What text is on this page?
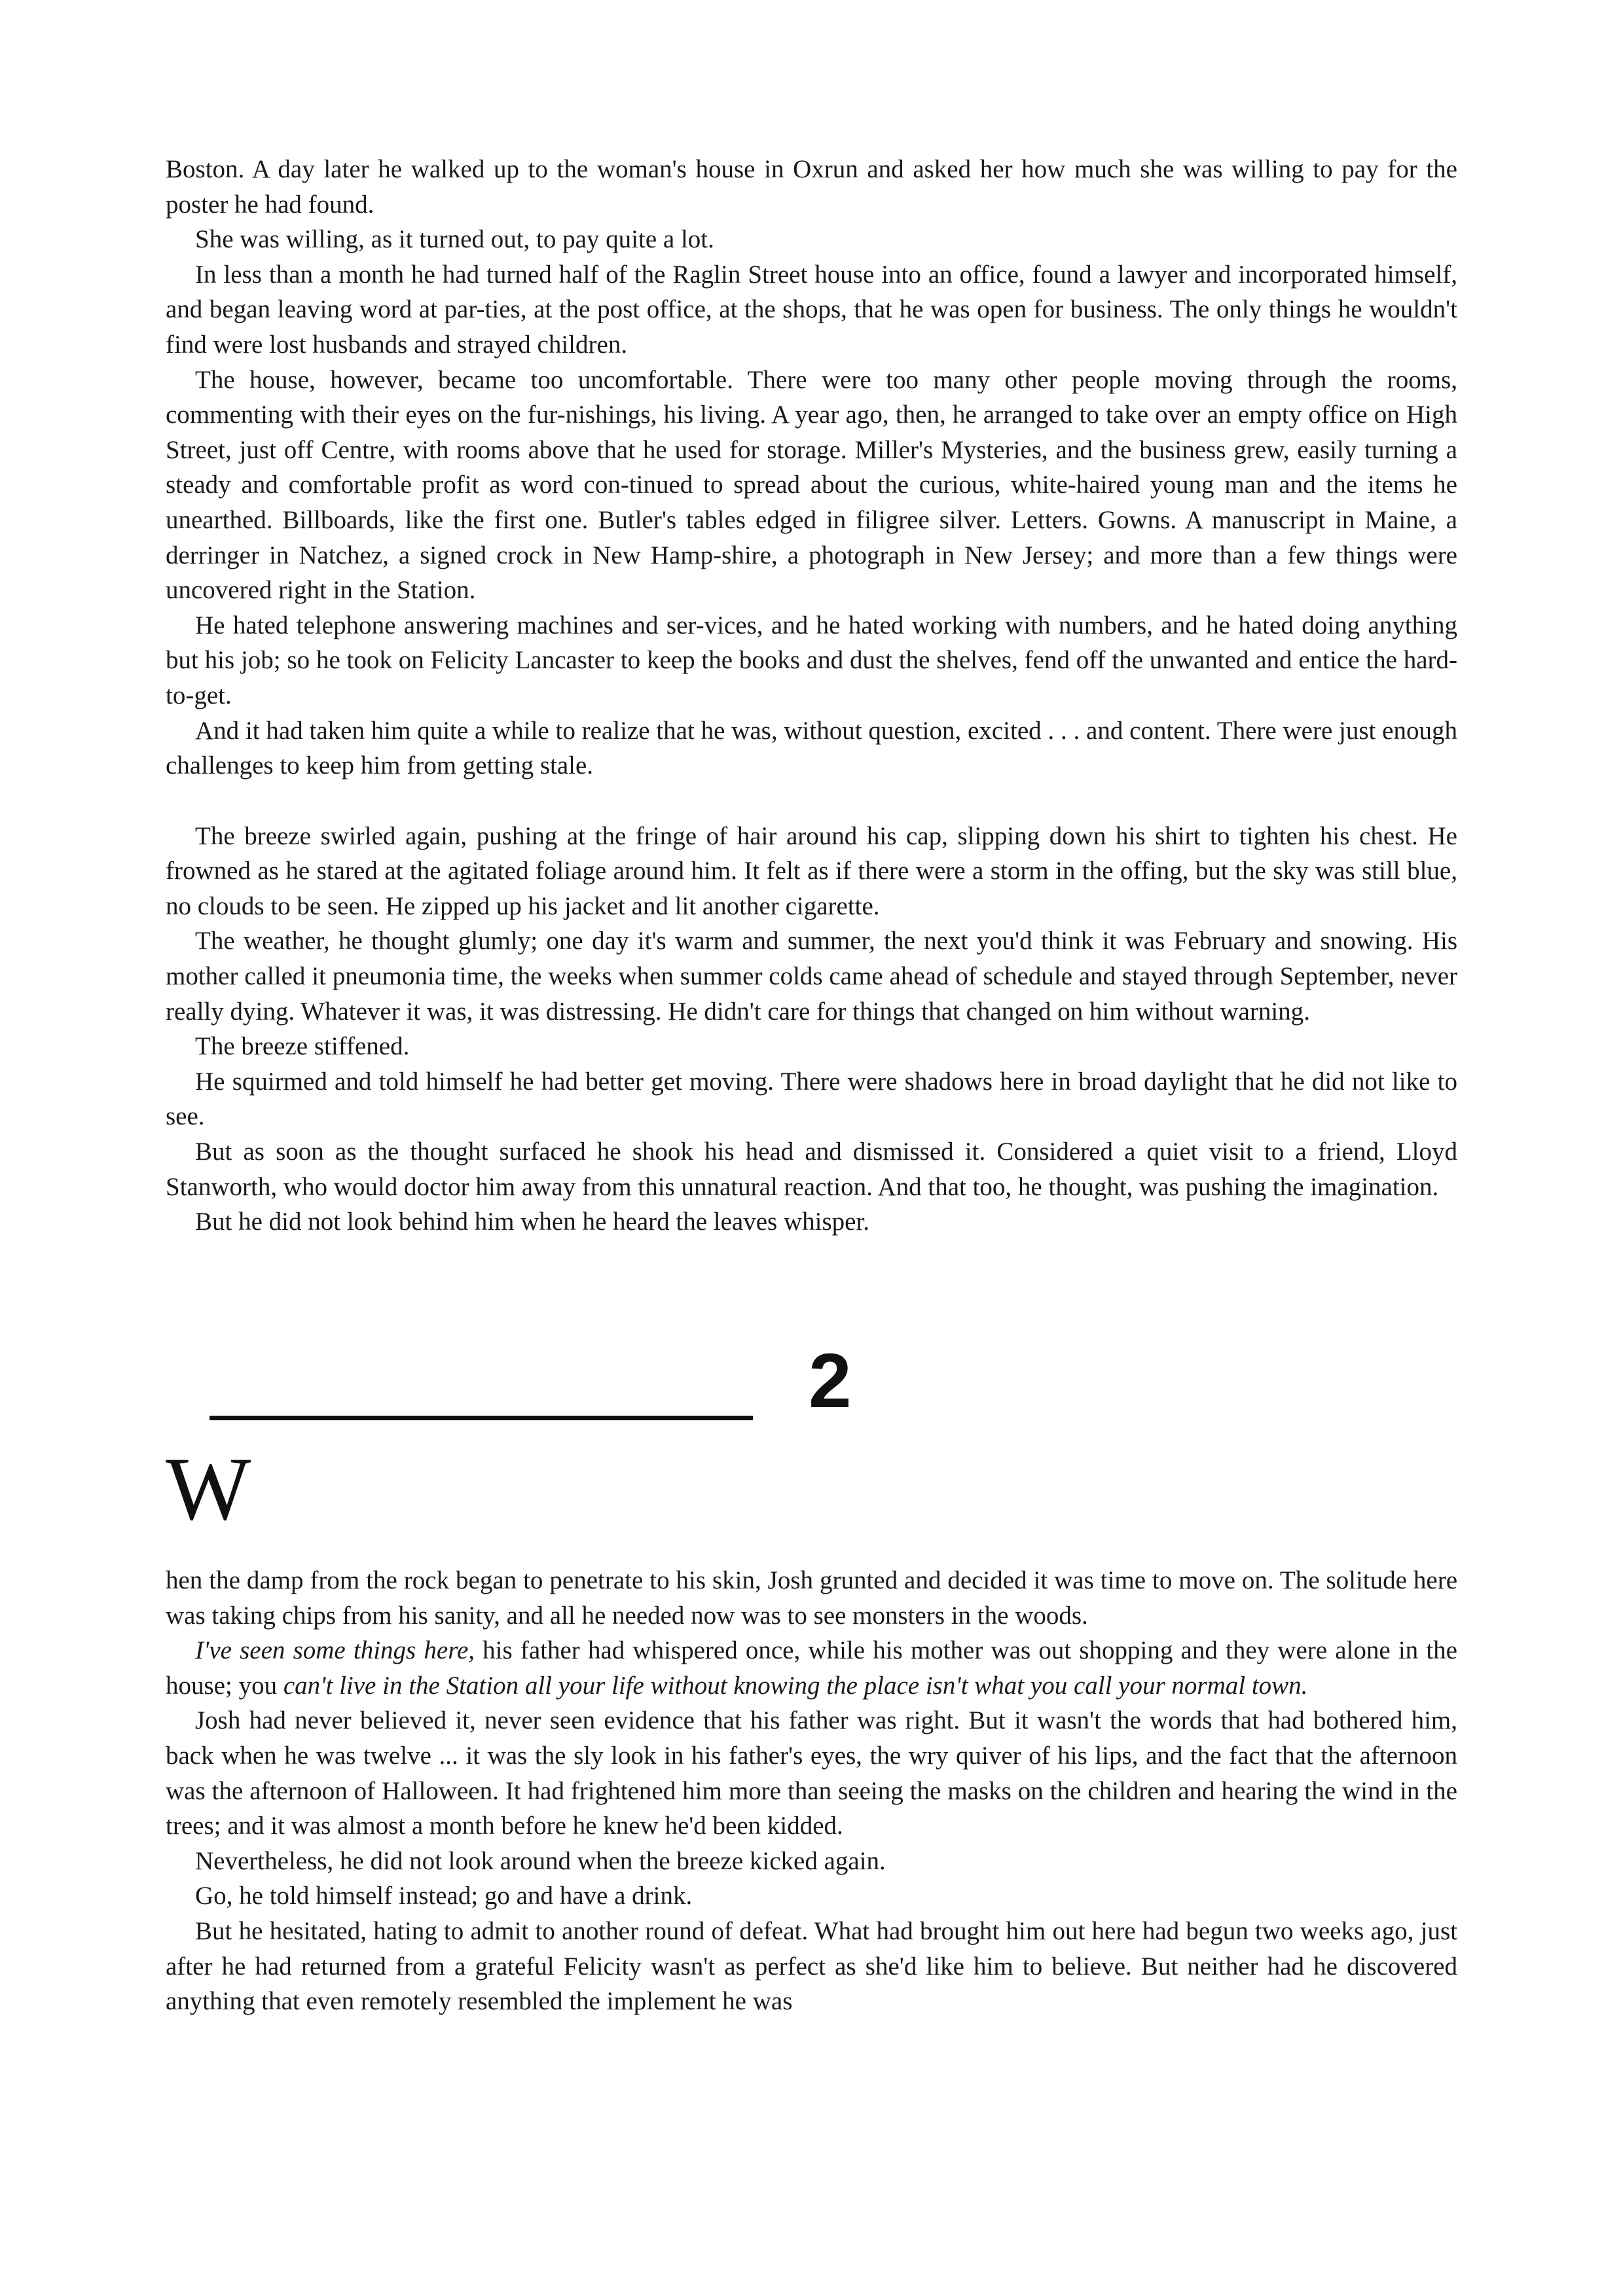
Boston. A day later he walked up to the woman's house in Oxrun and asked her how much she was willing to pay for the poster he had found.

She was willing, as it turned out, to pay quite a lot.

In less than a month he had turned half of the Raglin Street house into an office, found a lawyer and incorporated himself, and began leaving word at par-ties, at the post office, at the shops, that he was open for business. The only things he wouldn't find were lost husbands and strayed children.

The house, however, became too uncomfortable. There were too many other people moving through the rooms, commenting with their eyes on the fur-nishings, his living. A year ago, then, he arranged to take over an empty office on High Street, just off Centre, with rooms above that he used for storage. Miller's Mysteries, and the business grew, easily turning a steady and comfortable profit as word con-tinued to spread about the curious, white-haired young man and the items he unearthed. Billboards, like the first one. Butler's tables edged in filigree silver. Letters. Gowns. A manuscript in Maine, a derringer in Natchez, a signed crock in New Hamp-shire, a photograph in New Jersey; and more than a few things were uncovered right in the Station.

He hated telephone answering machines and ser-vices, and he hated working with numbers, and he hated doing anything but his job; so he took on Felicity Lancaster to keep the books and dust the shelves, fend off the unwanted and entice the hard-to-get.

And it had taken him quite a while to realize that he was, without question, excited . . . and content. There were just enough challenges to keep him from getting stale.

The breeze swirled again, pushing at the fringe of hair around his cap, slipping down his shirt to tighten his chest. He frowned as he stared at the agitated foliage around him. It felt as if there were a storm in the offing, but the sky was still blue, no clouds to be seen. He zipped up his jacket and lit another cigarette.

The weather, he thought glumly; one day it's warm and summer, the next you'd think it was February and snowing. His mother called it pneumonia time, the weeks when summer colds came ahead of schedule and stayed through September, never really dying. Whatever it was, it was distressing. He didn't care for things that changed on him without warning.

The breeze stiffened.

He squirmed and told himself he had better get moving. There were shadows here in broad daylight that he did not like to see.

But as soon as the thought surfaced he shook his head and dismissed it. Considered a quiet visit to a friend, Lloyd Stanworth, who would doctor him away from this unnatural reaction. And that too, he thought, was pushing the imagination.

But he did not look behind him when he heard the leaves whisper.

2
W

hen the damp from the rock began to penetrate to his skin, Josh grunted and decided it was time to move on. The solitude here was taking chips from his sanity, and all he needed now was to see monsters in the woods.

I've seen some things here, his father had whispered once, while his mother was out shopping and they were alone in the house; you can't live in the Station all your life without knowing the place isn't what you call your normal town.

Josh had never believed it, never seen evidence that his father was right. But it wasn't the words that had bothered him, back when he was twelve ... it was the sly look in his father's eyes, the wry quiver of his lips, and the fact that the afternoon was the afternoon of Halloween. It had frightened him more than seeing the masks on the children and hearing the wind in the trees; and it was almost a month before he knew he'd been kidded.

Nevertheless, he did not look around when the breeze kicked again.

Go, he told himself instead; go and have a drink.

But he hesitated, hating to admit to another round of defeat. What had brought him out here had begun two weeks ago, just after he had returned from a grateful Felicity wasn't as perfect as she'd like him to believe. But neither had he discovered anything that even remotely resembled the implement he was
